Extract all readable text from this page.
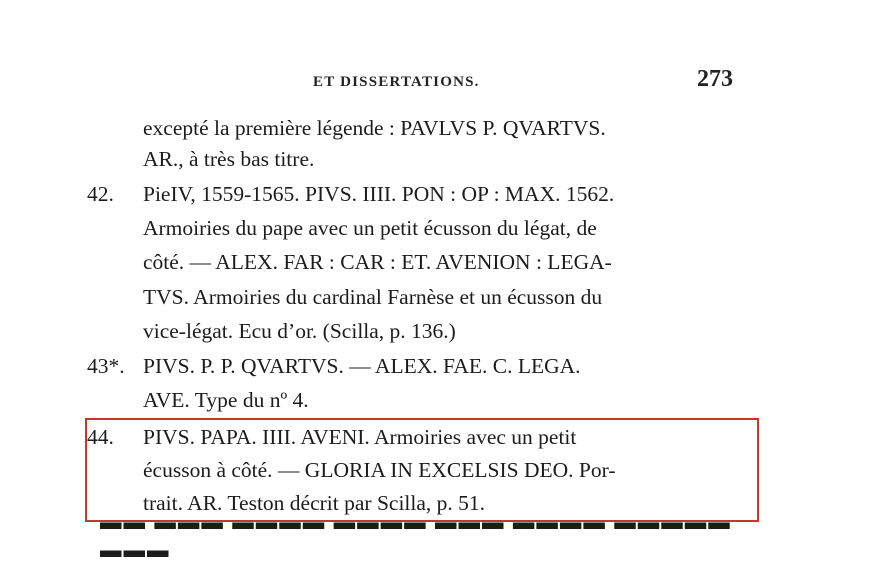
ET DISSERTATIONS.	273
excepté la première légende : PAVLVS P. QVARTVS.
AR., à très bas titre.
42. PieIV, 1559-1565. PIVS. IIII. PON : OP : MAX. 1562.
Armoiries du pape avec un petit écusson du légat, de
côté. — ALEX. FAR : CAR : ET. AVENION : LEGA-
TVS. Armoiries du cardinal Farnèse et un écusson du
vice-légat. Ecu d’or. (Scilla, p. 136.)
43*. PIVS. P. P. QVARTVS. — ALEX. FAE. C. LEGA.
AVE. Type du nº 4.
44. PIVS. PAPA. IIII. AVENI. Armoiries avec un petit
écusson à côté. — GLORIA IN EXCELSIS DEO. Por-
trait. AR. Teston décrit par Scilla, p. 51.
▬▬ ▬▬▬ ▬▬▬▬ ▬▬▬▬ ▬▬▬ ▬▬▬▬ ▬▬▬▬▬ ▬▬▬
